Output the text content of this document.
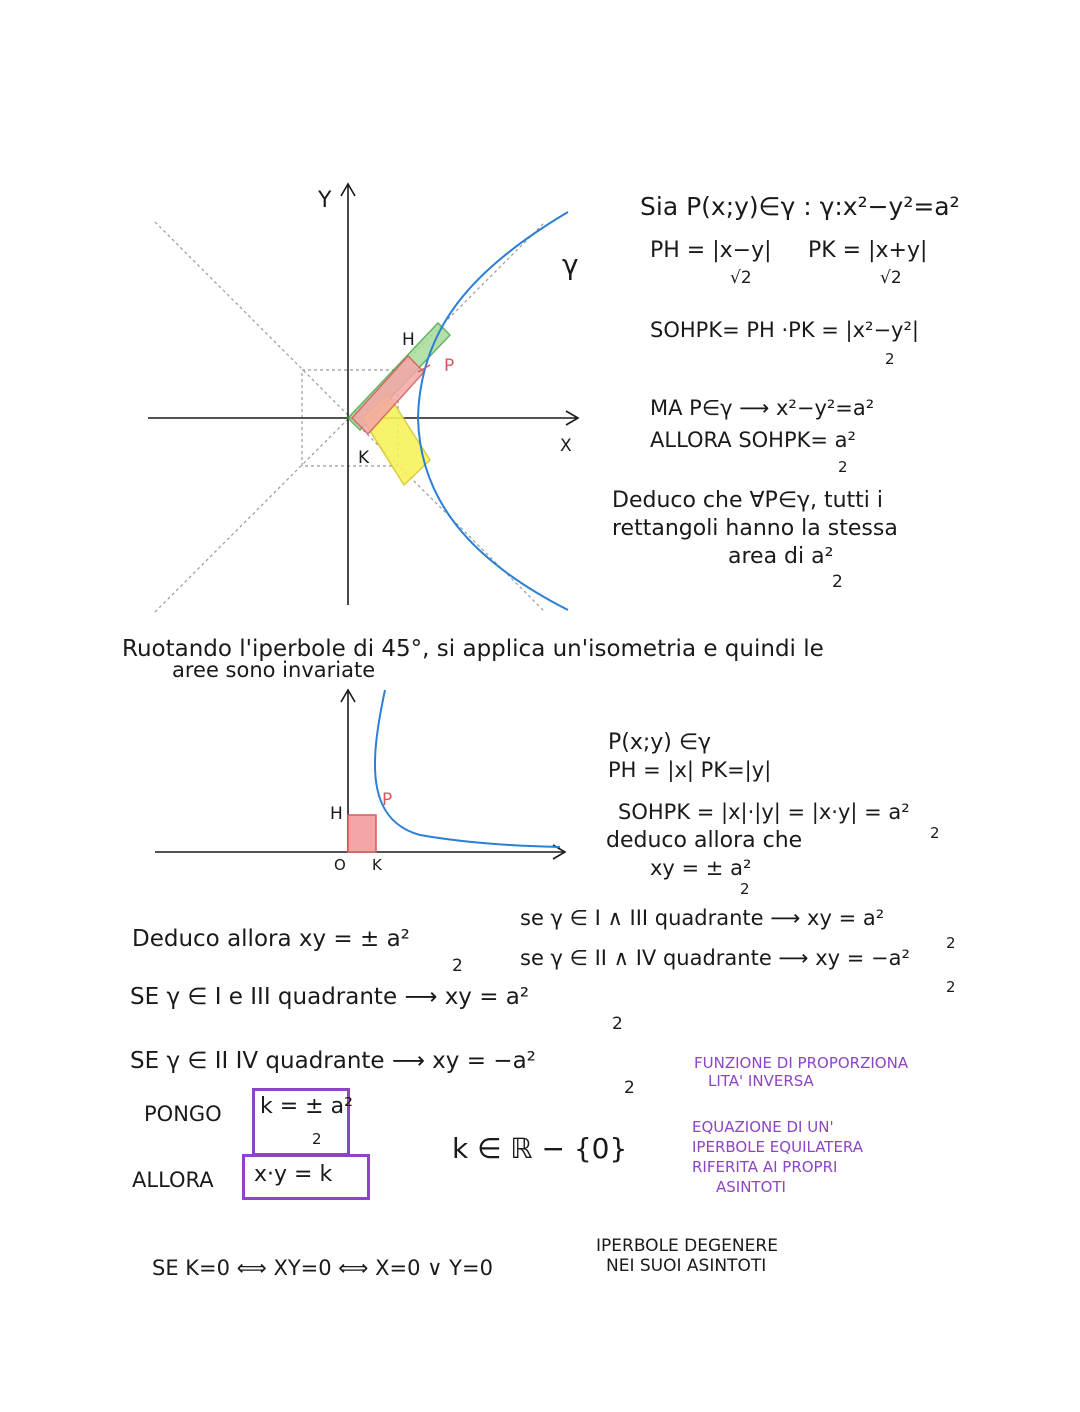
Y
X
γ
H
P
K
Sia P(x;y)∈γ : γ:x²−y²=a²
PH = |x−y|
√2
PK = |x+y|
√2
SOHPK= PH ·PK = |x²−y²|
2
MA P∈γ ⟶ x²−y²=a²
ALLORA SOHPK= a²
2
Deduco che ∀P∈γ, tutti i
rettangoli hanno la stessa
area di a²
2
Ruotando l'iperbole di 45°, si applica un'isometria e quindi le
aree sono invariate
H
P
O K
P(x;y) ∈γ
PH = |x| PK=|y|
SOHPK = |x|·|y| = |x·y| = a²
2
deduco allora che
xy = ± a²
2
Deduco allora xy = ± a²
2
SE γ ∈ I e III quadrante ⟶ xy = a²
2
SE γ ∈ II IV quadrante ⟶ xy = −a²
2
PONGO k = ± a²
2
ALLORA x·y = k
k ∈ ℝ − {0}
SE K=0 ⟺ XY=0 ⟺ X=0 ∨ Y=0
se γ ∈ I ∧ III quadrante ⟶ xy = a²
2
se γ ∈ II ∧ IV quadrante ⟶ xy = −a²
2
FUNZIONE DI PROPORZIONA
LITA' INVERSA
EQUAZIONE DI UN'
IPERBOLE EQUILATERA
RIFERITA AI PROPRI
ASINTOTI
IPERBOLE DEGENERE
NEI SUOI ASINTOTI
